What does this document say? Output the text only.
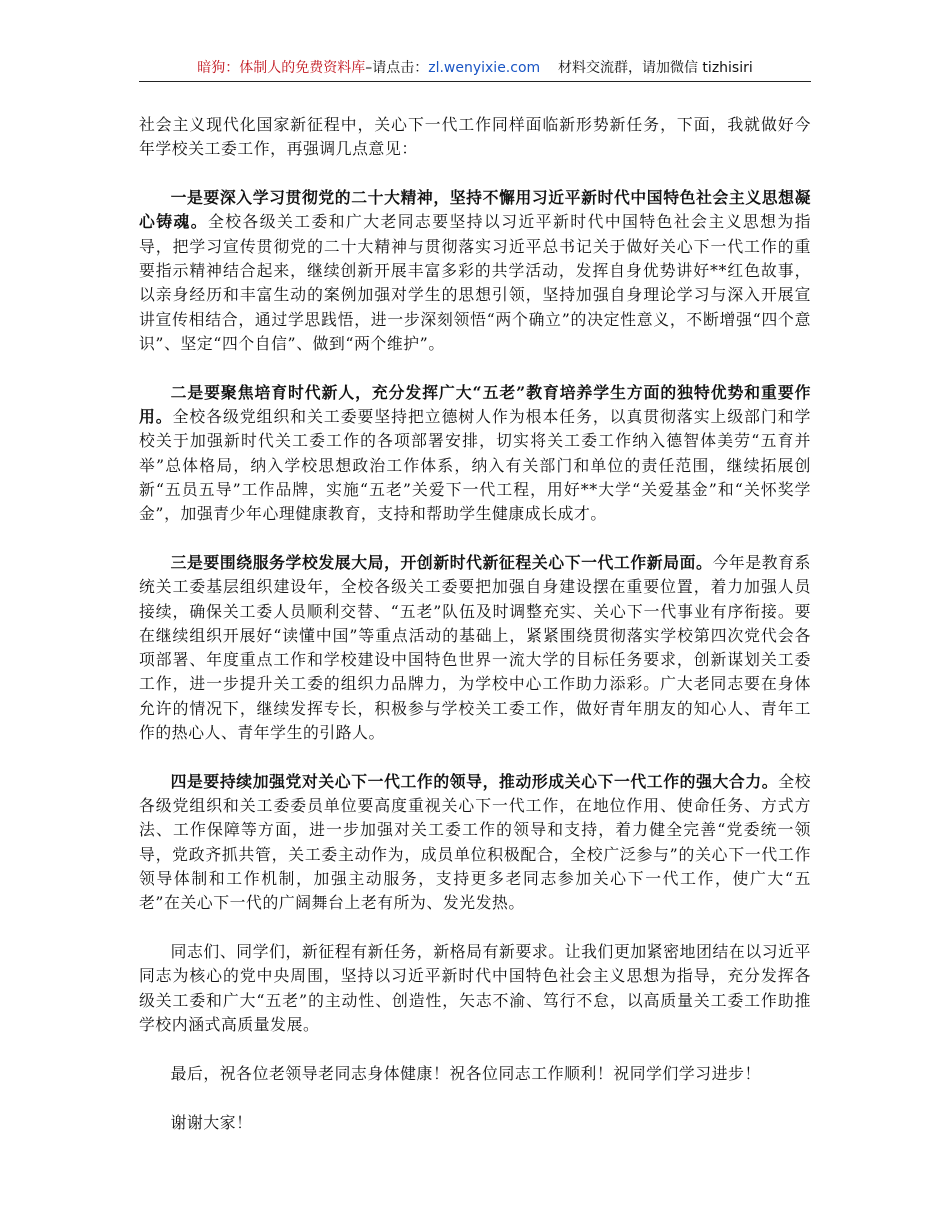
暗狗：体制人的免费资料库–请点击：zl.wenyixie.com 材料交流群，请加微信 tizhisiri

社会主义现代化国家新征程中，关心下一代工作同样面临新形势新任务，下面，我就做好今年学校关工委工作，再强调几点意见：

一是要深入学习贯彻党的二十大精神，坚持不懈用习近平新时代中国特色社会主义思想凝心铸魂。全校各级关工委和广大老同志要坚持以习近平新时代中国特色社会主义思想为指导，把学习宣传贯彻党的二十大精神与贯彻落实习近平总书记关于做好关心下一代工作的重要指示精神结合起来，继续创新开展丰富多彩的共学活动，发挥自身优势讲好**红色故事，以亲身经历和丰富生动的案例加强对学生的思想引领，坚持加强自身理论学习与深入开展宣讲宣传相结合，通过学思践悟，进一步深刻领悟“两个确立”的决定性意义，不断增强“四个意识”、坚定“四个自信”、做到“两个维护”。

二是要聚焦培育时代新人，充分发挥广大“五老”教育培养学生方面的独特优势和重要作用。全校各级党组织和关工委要坚持把立德树人作为根本任务，以真贯彻落实上级部门和学校关于加强新时代关工委工作的各项部署安排，切实将关工委工作纳入德智体美劳“五育并举”总体格局，纳入学校思想政治工作体系，纳入有关部门和单位的责任范围，继续拓展创新“五员五导”工作品牌，实施“五老”关爱下一代工程，用好**大学“关爱基金”和“关怀奖学金”，加强青少年心理健康教育，支持和帮助学生健康成长成才。

三是要围绕服务学校发展大局，开创新时代新征程关心下一代工作新局面。今年是教育系统关工委基层组织建设年，全校各级关工委要把加强自身建设摆在重要位置，着力加强人员接续，确保关工委人员顺利交替、“五老”队伍及时调整充实、关心下一代事业有序衔接。要在继续组织开展好“读懂中国”等重点活动的基础上，紧紧围绕贯彻落实学校第四次党代会各项部署、年度重点工作和学校建设中国特色世界一流大学的目标任务要求，创新谋划关工委工作，进一步提升关工委的组织力品牌力，为学校中心工作助力添彩。广大老同志要在身体允许的情况下，继续发挥专长，积极参与学校关工委工作，做好青年朋友的知心人、青年工作的热心人、青年学生的引路人。

四是要持续加强党对关心下一代工作的领导，推动形成关心下一代工作的强大合力。全校各级党组织和关工委委员单位要高度重视关心下一代工作，在地位作用、使命任务、方式方法、工作保障等方面，进一步加强对关工委工作的领导和支持，着力健全完善“党委统一领导，党政齐抓共管，关工委主动作为，成员单位积极配合，全校广泛参与”的关心下一代工作领导体制和工作机制，加强主动服务，支持更多老同志参加关心下一代工作，使广大“五老”在关心下一代的广阔舞台上老有所为、发光发热。

同志们、同学们，新征程有新任务，新格局有新要求。让我们更加紧密地团结在以习近平同志为核心的党中央周围，坚持以习近平新时代中国特色社会主义思想为指导，充分发挥各级关工委和广大“五老”的主动性、创造性，矢志不渝、笃行不怠，以高质量关工委工作助推学校内涵式高质量发展。

最后，祝各位老领导老同志身体健康！祝各位同志工作顺利！祝同学们学习进步！

谢谢大家！
